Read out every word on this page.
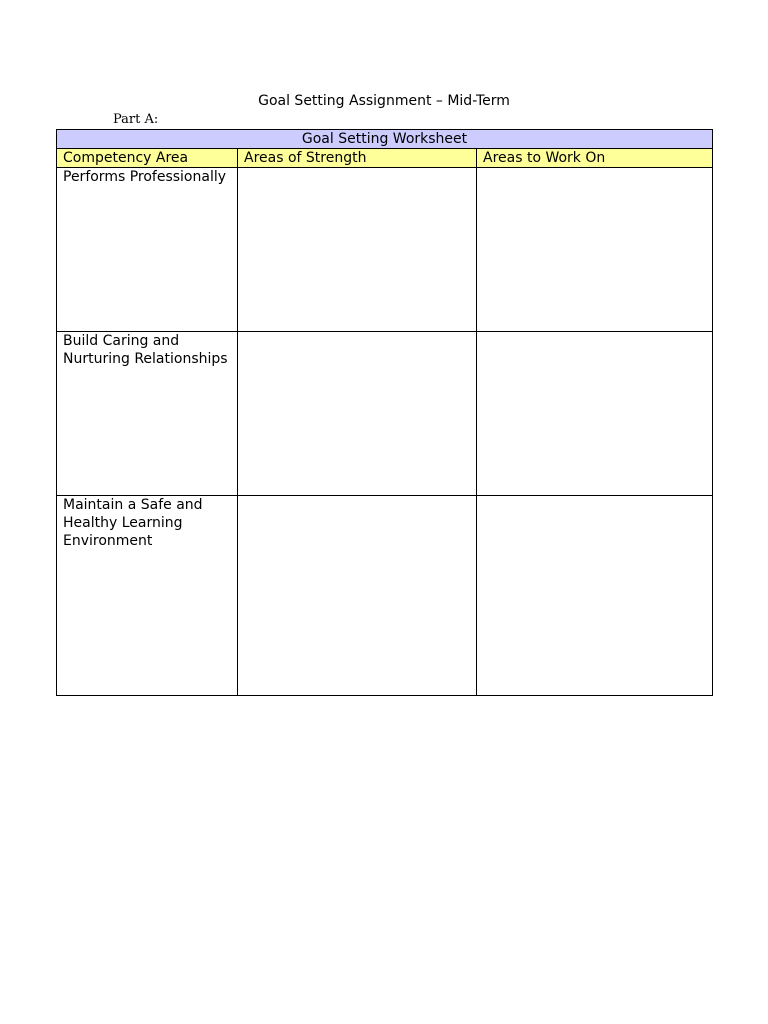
Goal Setting Assignment – Mid-Term
Part A:
Goal Setting Worksheet		
Competency Area	Areas of Strength	Areas to Work On
Performs Professionally		
Build Caring and Nurturing Relationships		
Maintain a Safe and Healthy Learning Environment		
